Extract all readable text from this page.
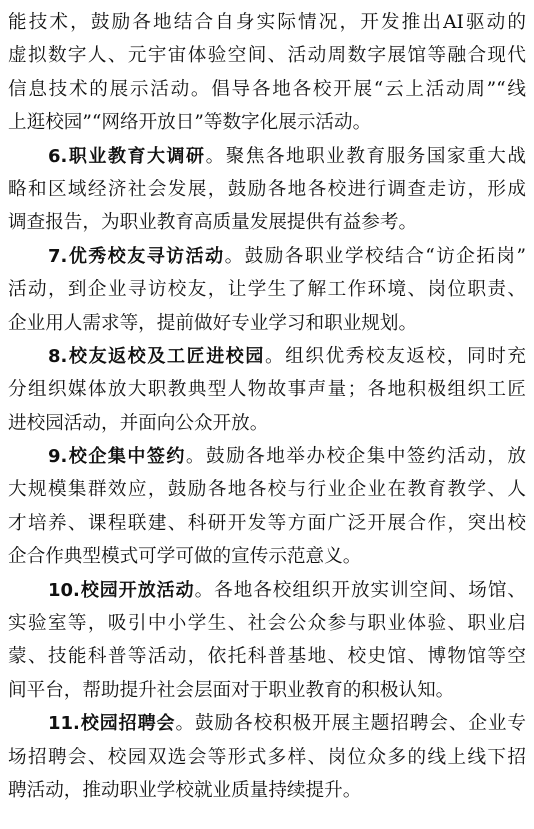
能技术，鼓励各地结合自身实际情况，开发推出AI驱动的
虚拟数字人、元宇宙体验空间、活动周数字展馆等融合现代
信息技术的展示活动。倡导各地各校开展“云上活动周”“线
上逛校园”“网络开放日”等数字化展示活动。
6.职业教育大调研。聚焦各地职业教育服务国家重大战
略和区域经济社会发展，鼓励各地各校进行调查走访，形成
调查报告，为职业教育高质量发展提供有益参考。
7.优秀校友寻访活动。鼓励各职业学校结合“访企拓岗”
活动，到企业寻访校友，让学生了解工作环境、岗位职责、
企业用人需求等，提前做好专业学习和职业规划。
8.校友返校及工匠进校园。组织优秀校友返校，同时充
分组织媒体放大职教典型人物故事声量；各地积极组织工匠
进校园活动，并面向公众开放。
9.校企集中签约。鼓励各地举办校企集中签约活动，放
大规模集群效应，鼓励各地各校与行业企业在教育教学、人
才培养、课程联建、科研开发等方面广泛开展合作，突出校
企合作典型模式可学可做的宣传示范意义。
10.校园开放活动。各地各校组织开放实训空间、场馆、
实验室等，吸引中小学生、社会公众参与职业体验、职业启
蒙、技能科普等活动，依托科普基地、校史馆、博物馆等空
间平台，帮助提升社会层面对于职业教育的积极认知。
11.校园招聘会。鼓励各校积极开展主题招聘会、企业专
场招聘会、校园双选会等形式多样、岗位众多的线上线下招
聘活动，推动职业学校就业质量持续提升。
